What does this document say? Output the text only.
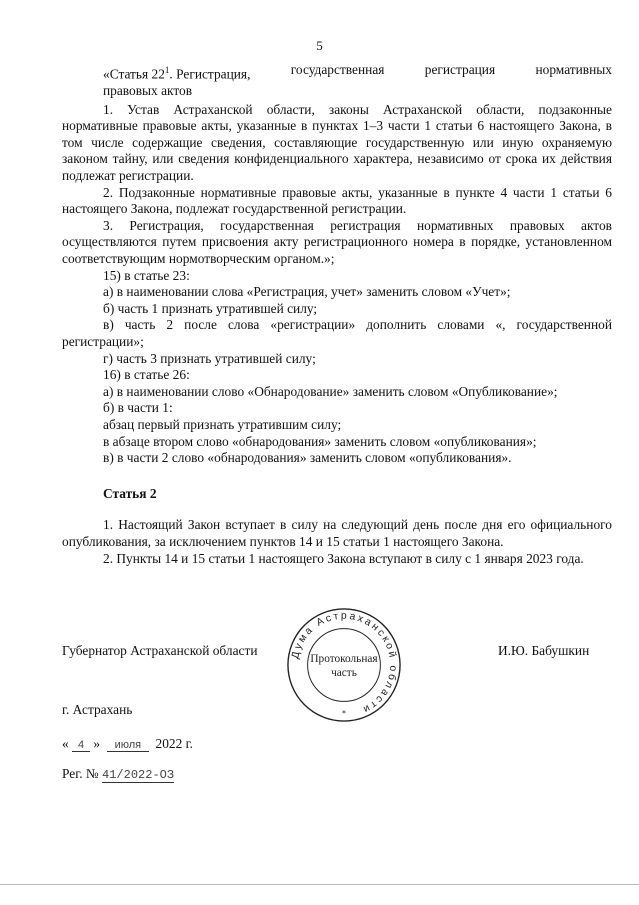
5
«Статья $22^1$. Регистрация,	государственная	регистрация	нормативных

правовых актов

1. Устав Астраханской области, законы Астраханской области, подзаконные нормативные правовые акты, указанные в пунктах 1–3 части 1 статьи 6 настоящего Закона, в том числе содержащие сведения, составляющие государственную или иную охраняемую законом тайну, или сведения конфиденциального характера, независимо от срока их действия подлежат регистрации.

2. Подзаконные нормативные правовые акты, указанные в пункте 4 части 1 статьи 6 настоящего Закона, подлежат государственной регистрации.

3. Регистрация, государственная регистрация нормативных правовых актов осуществляются путем присвоения акту регистрационного номера в порядке, установленном соответствующим нормотворческим органом.»;

15) в статье 23:

а) в наименовании слова «Регистрация, учет» заменить словом «Учет»;

б) часть 1 признать утратившей силу;

в) часть 2 после слова «регистрации» дополнить словами «, государственной регистрации»;

г) часть 3 признать утратившей силу;

16) в статье 26:

а) в наименовании слово «Обнародование» заменить словом «Опубликование»;

б) в части 1:

абзац первый признать утратившим силу;

в абзаце втором слово «обнародования» заменить словом «опубликования»;

в) в части 2 слово «обнародования» заменить словом «опубликования».

Статья 2

1. Настоящий Закон вступает в силу на следующий день после дня его официального опубликования, за исключением пунктов 14 и 15 статьи 1 настоящего Закона.

2. Пункты 14 и 15 статьи 1 настоящего Закона вступают в силу с 1 января 2023 года.

Губернатор Астраханской области	И.Ю. Бабушкин
Дума Астраханской области
Протокольная
часть
*
г. Астрахань
« 4 » июля 2022 г.
Рег. № 41/2022-ОЗ
